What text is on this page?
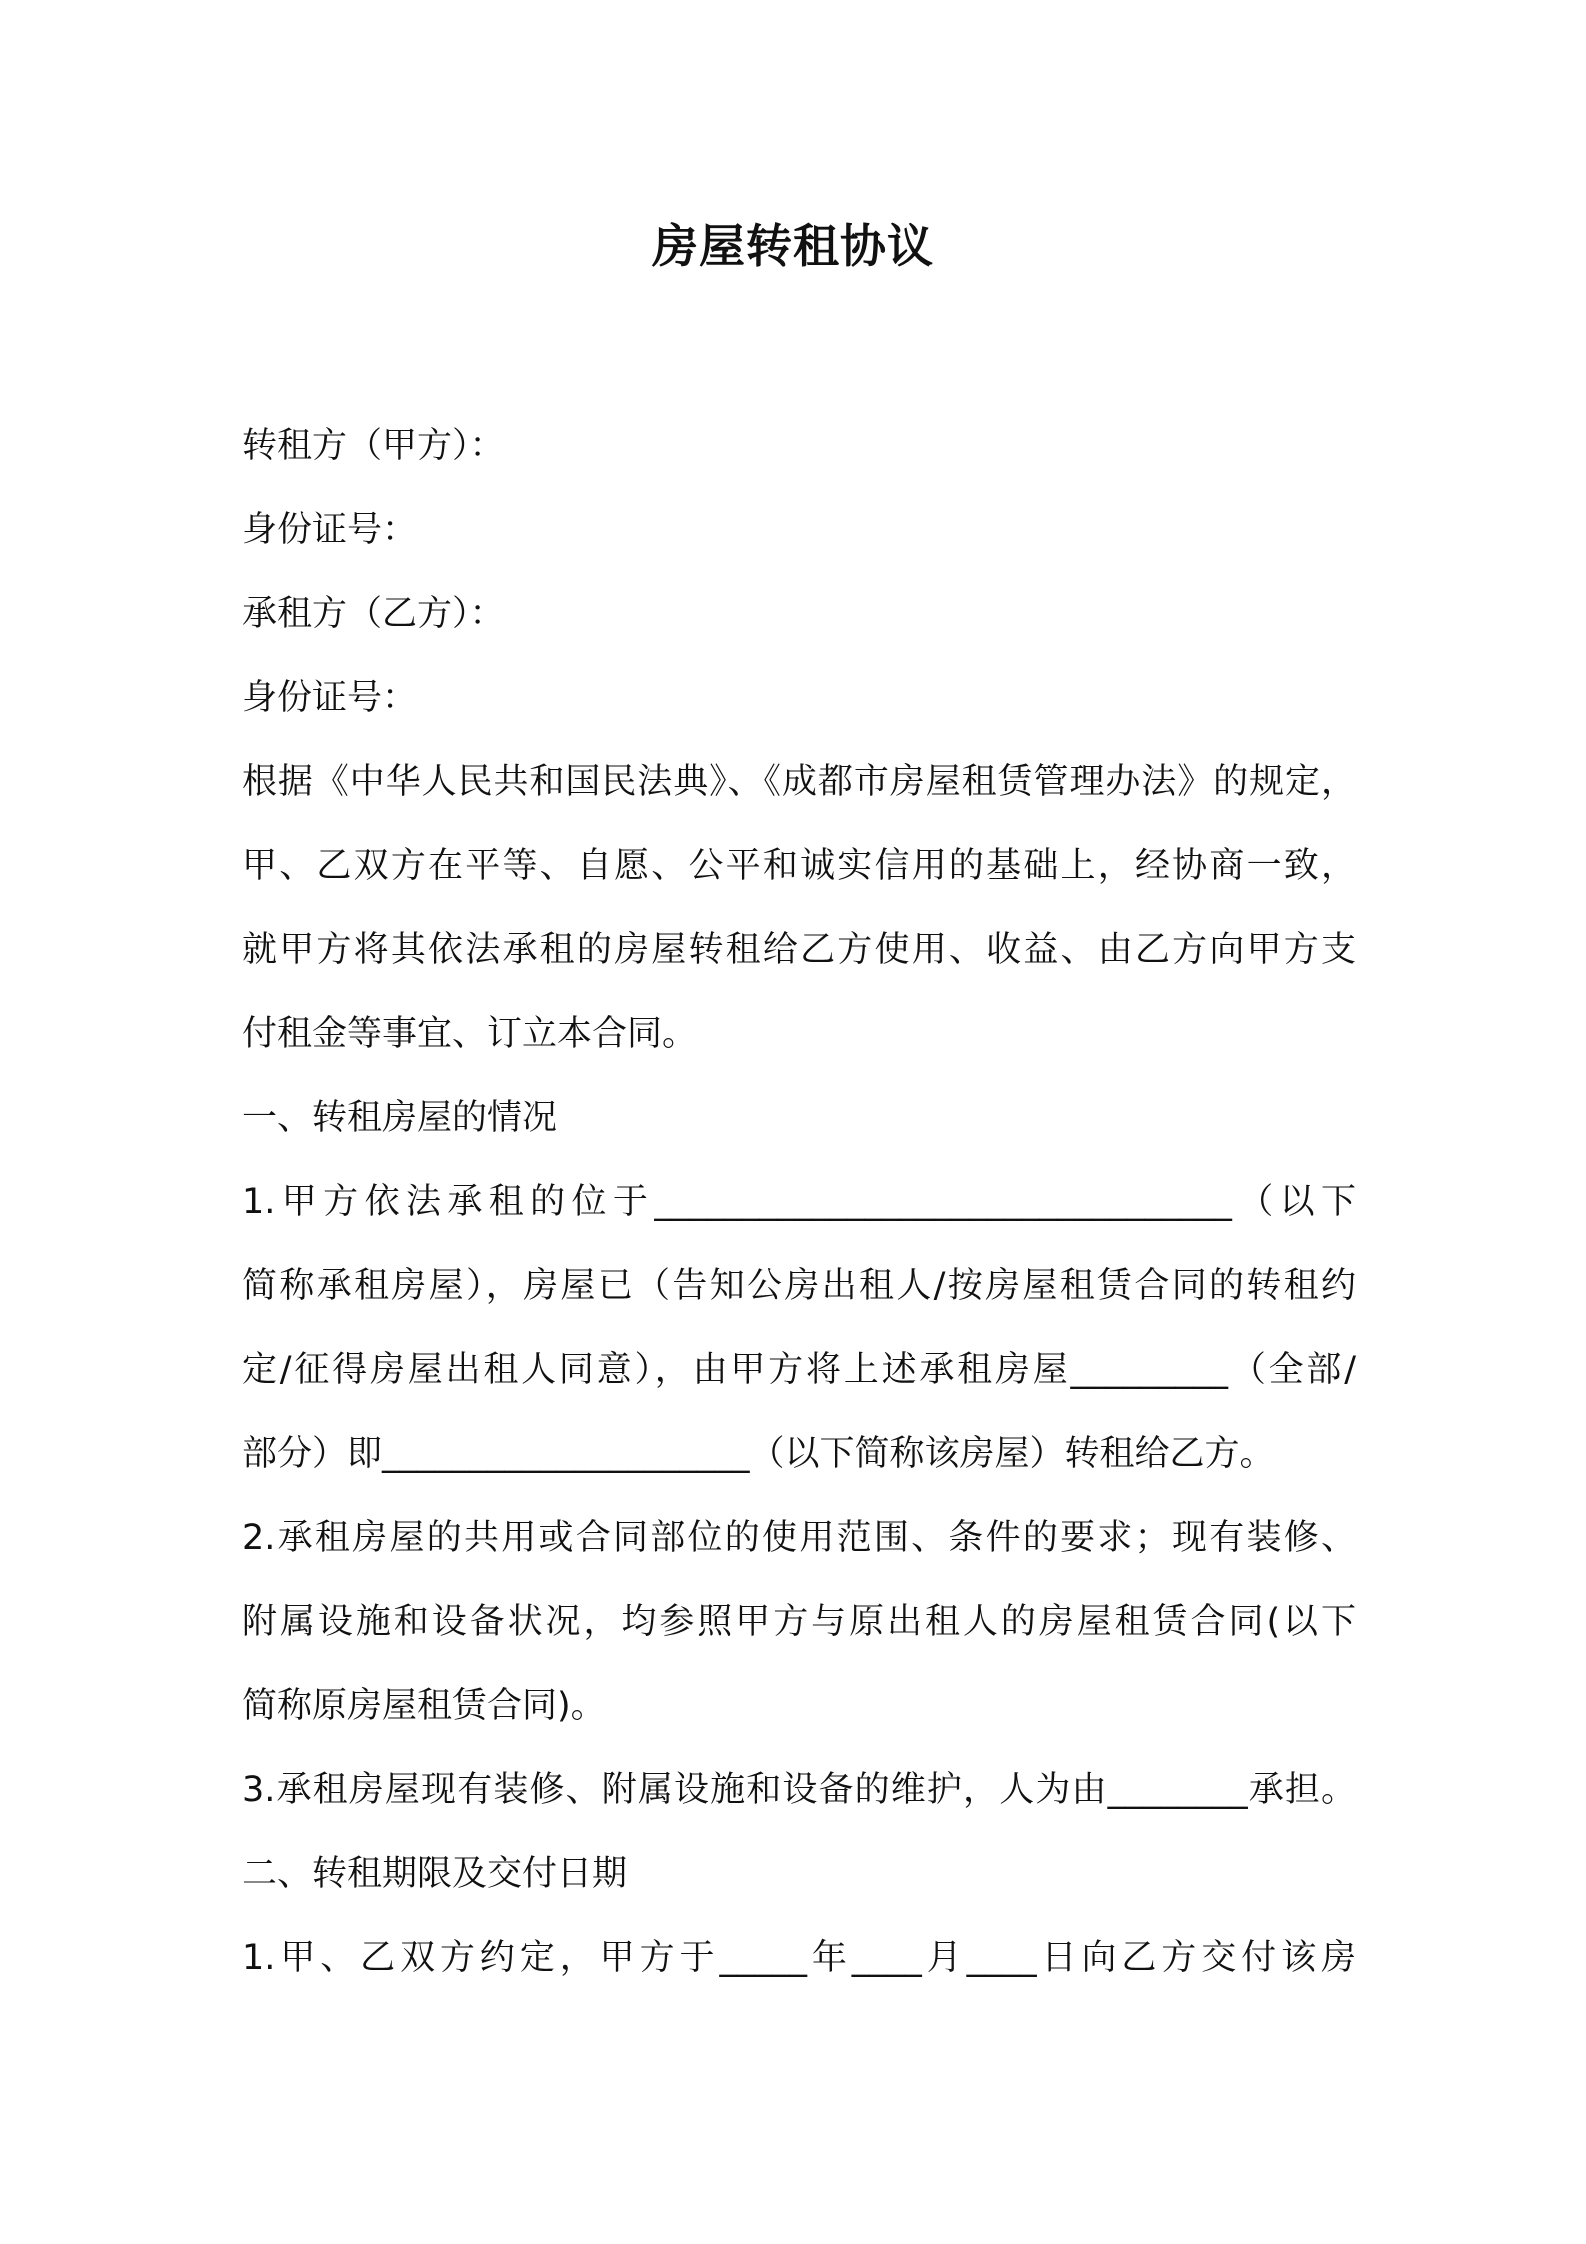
房屋转租协议
转租方（甲方）：
身份证号：
承租方（乙方）：
身份证号：
根据《中华人民共和国民法典》、《成都市房屋租赁管理办法》的规定，
甲、乙双方在平等、自愿、公平和诚实信用的基础上，经协商一致，
就甲方将其依法承租的房屋转租给乙方使用、收益、由乙方向甲方支
付租金等事宜、订立本合同。
一、转租房屋的情况
1.甲方依法承租的位于_________________________________（以下
简称承租房屋），房屋已（告知公房出租人/按房屋租赁合同的转租约
定/征得房屋出租人同意），由甲方将上述承租房屋_________（全部/
部分）即_____________________（以下简称该房屋）转租给乙方。
2.承租房屋的共用或合同部位的使用范围、条件的要求；现有装修、
附属设施和设备状况，均参照甲方与原出租人的房屋租赁合同(以下
简称原房屋租赁合同)。
3.承租房屋现有装修、附属设施和设备的维护，人为由________承担。
二、转租期限及交付日期
1.甲、乙双方约定，甲方于_____年____月____日向乙方交付该房
